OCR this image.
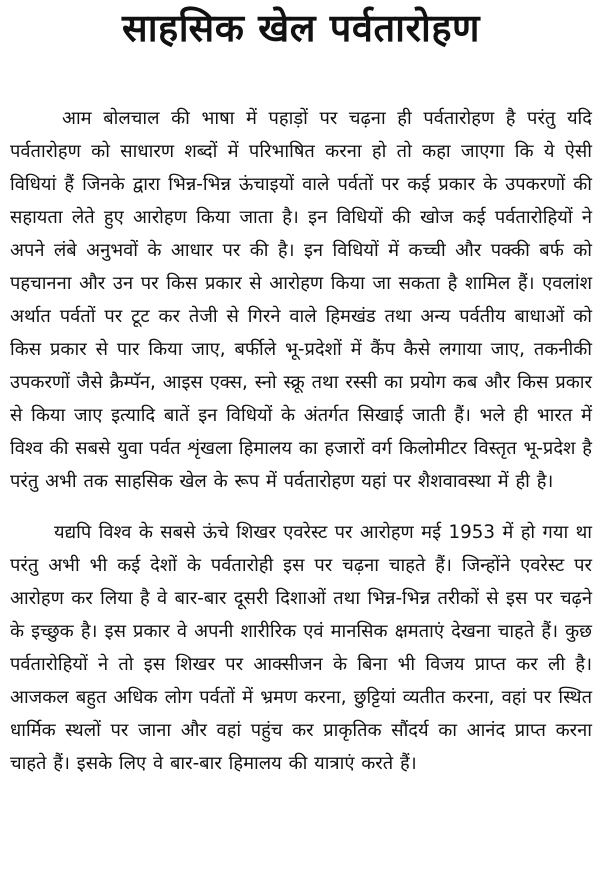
साहसिक खेल पर्वतारोहण

आम बोलचाल की भाषा में पहाड़ों पर चढ़ना ही पर्वतारोहण है परंतु यदि पर्वतारोहण को साधारण शब्दों में परिभाषित करना हो तो कहा जाएगा कि ये ऐसी विधियां हैं जिनके द्वारा भिन्न-भिन्न ऊंचाइयों वाले पर्वतों पर कई प्रकार के उपकरणों की सहायता लेते हुए आरोहण किया जाता है। इन विधियों की खोज कई पर्वतारोहियों ने अपने लंबे अनुभवों के आधार पर की है। इन विधियों में कच्ची और पक्की बर्फ को पहचानना और उन पर किस प्रकार से आरोहण किया जा सकता है शामिल हैं। एवलांश अर्थात पर्वतों पर टूट कर तेजी से गिरने वाले हिमखंड तथा अन्य पर्वतीय बाधाओं को किस प्रकार से पार किया जाए, बर्फीले भू-प्रदेशों में कैंप कैसे लगाया जाए, तकनीकी उपकरणों जैसे क्रैम्पॅन, आइस एक्स, स्नो स्क्रू तथा रस्सी का प्रयोग कब और किस प्रकार से किया जाए इत्यादि बातें इन विधियों के अंतर्गत सिखाई जाती हैं। भले ही भारत में विश्व की सबसे युवा पर्वत शृंखला हिमालय का हजारों वर्ग किलोमीटर विस्तृत भू-प्रदेश है परंतु अभी तक साहसिक खेल के रूप में पर्वतारोहण यहां पर शैशवावस्था में ही है।

यद्यपि विश्व के सबसे ऊंचे शिखर एवरेस्ट पर आरोहण मई 1953 में हो गया था परंतु अभी भी कई देशों के पर्वतारोही इस पर चढ़ना चाहते हैं। जिन्होंने एवरेस्ट पर आरोहण कर लिया है वे बार-बार दूसरी दिशाओं तथा भिन्न-भिन्न तरीकों से इस पर चढ़ने के इच्छुक है। इस प्रकार वे अपनी शारीरिक एवं मानसिक क्षमताएं देखना चाहते हैं। कुछ पर्वतारोहियों ने तो इस शिखर पर आक्सीजन के बिना भी विजय प्राप्त कर ली है। आजकल बहुत अधिक लोग पर्वतों में भ्रमण करना, छुट्टियां व्यतीत करना, वहां पर स्थित धार्मिक स्थलों पर जाना और वहां पहुंच कर प्राकृतिक सौंदर्य का आनंद प्राप्त करना चाहते हैं। इसके लिए वे बार-बार हिमालय की यात्राएं करते हैं।
